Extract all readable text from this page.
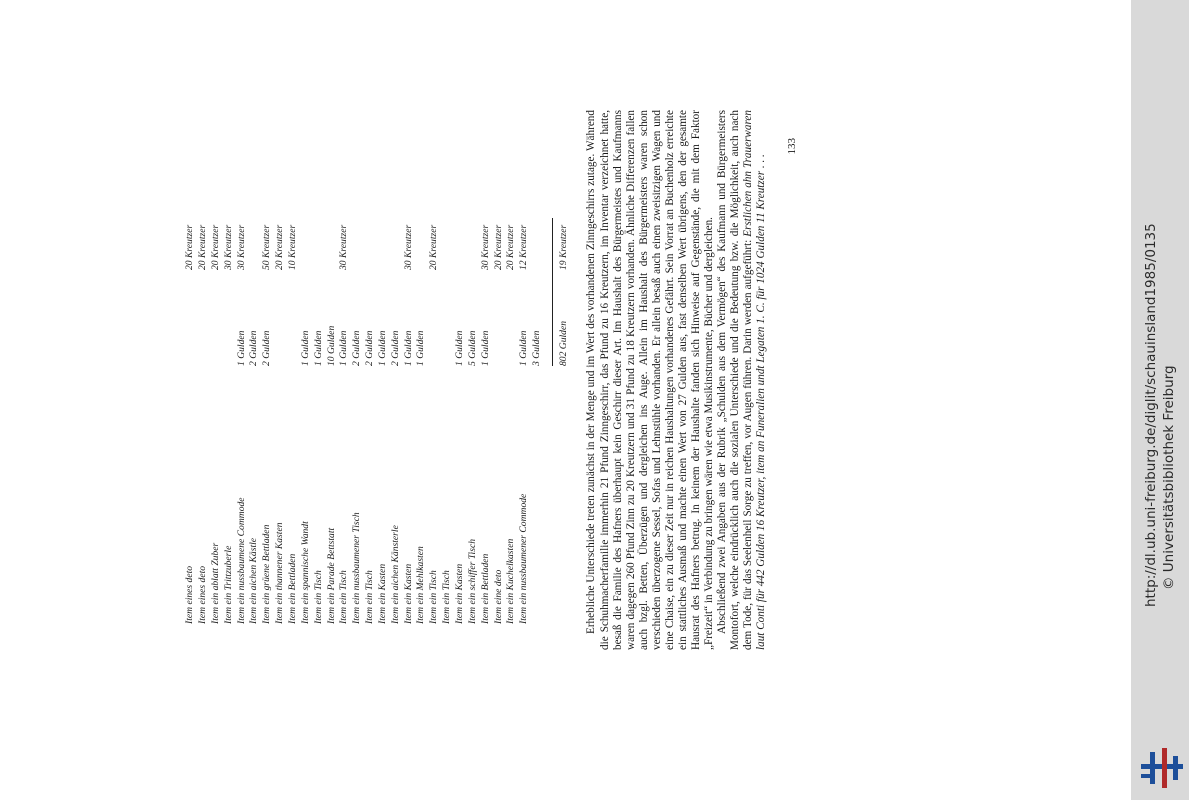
Item eines deto
20 Kreutzer
Item eines deto
20 Kreutzer
Item ein ablatt Zuber
20 Kreutzer
Item ein Trittzuberle
30 Kreutzer
Item ein nussbaumene Commode
1 Gulden
30 Kreutzer
Item ein aichen Kästle
2 Gulden
Item ein grüene Bettladen
2 Gulden
50 Kreutzer
Item ein thannener Kasten
20 Kreutzer
Item ein Bettladen
10 Kreutzer
Item ein spannische Wandt
1 Gulden
Item ein Tisch
1 Gulden
Item ein Parade Bettstatt
10 Gulden
Item ein Tisch
1 Gulden
30 Kreutzer
Item ein nussbaumener Tisch
2 Gulden
Item ein Tisch
2 Gulden
Item ein Kasten
1 Gulden
Item ein aichen Känsterle
2 Gulden
Item ein Kasten
1 Gulden
30 Kreutzer
Item ein Mehlkasten
1 Gulden
Item ein Tisch
20 Kreutzer
Item ein Tisch Item ein Kasten
1 Gulden
Item ein schiffer Tisch
5 Gulden
Item ein Bettladen
1 Gulden
30 Kreutzer
Item eine deto
20 Kreutzer
Item ein Kuchelkasten
20 Kreutzer
Item ein nussbaumener Commode
1 Gulden
12 Kreutzer
3 Gulden 802 Gulden
19 Kreutzer Erhebliche Unterschiede treten zunächst in der Menge und im Wert des vorhandenen Zinngeschirrs zutage. Während die Schuhmacherfamilie immerhin 21 Pfund Zinngeschirr, das Pfund zu 16 Kreutzern, im Inventar verzeichnet hatte, besaß die Familie des Hafners überhaupt kein Geschirr dieser Art. Im Haushalt des Bürgermeistes und Kaufmanns waren dagegen 260 Pfund Zinn zu 20 Kreutzern und 31 Pfund zu 18 Kreutzern vorhanden. Ähnliche Differenzen fallen auch bzgl. Betten, Überzügen und dergleichen ins Auge. Allein im Haushalt des Bürgermeisters waren schon verschieden überzogene Sessel, Sofas und Lehnstühle vorhanden. Er allein besaß auch einen zweisitzigen Wagen und eine Chaise, ein zu dieser Zeit nur in reichen Haushaltungen vorhandenes Gefährt. Sein Vorrat an Buchenholz erreichte ein stattliches Ausmaß und machte einen Wert von 27 Gulden aus, fast denselben Wert übrigens, den der gesamte Hausrat des Hafners betrug. In keinem der Haushalte fanden sich Hinweise auf Gegenstände, die mit dem Faktor „Freizeit“ in Verbindung zu bringen wären wie etwa Musikinstrumente, Bücher und dergleichen. Abschließend zwei Angaben aus der Rubrik „Schulden aus dem Vermögen“ des Kaufmann und Bürgermeisters Montofort, welche eindrücklich auch die sozialen Unterschiede und die Bedeutung bzw. die Möglichkeit, auch nach dem Tode, für das Seelenheil Sorge zu treffen, vor Augen führen. Darin werden aufgeführt: Erstlichen ahn Trauerwaren laut Conti für 442 Gulden 16 Kreutzer, item an Funeralien undt Legaten 1. C. für 1024 Gulden 11 Kreutzer . . .

133
http://dl.ub.uni-freiburg.de/diglit/schauinsland1985/0135 © Universitätsbibliothek Freiburg
